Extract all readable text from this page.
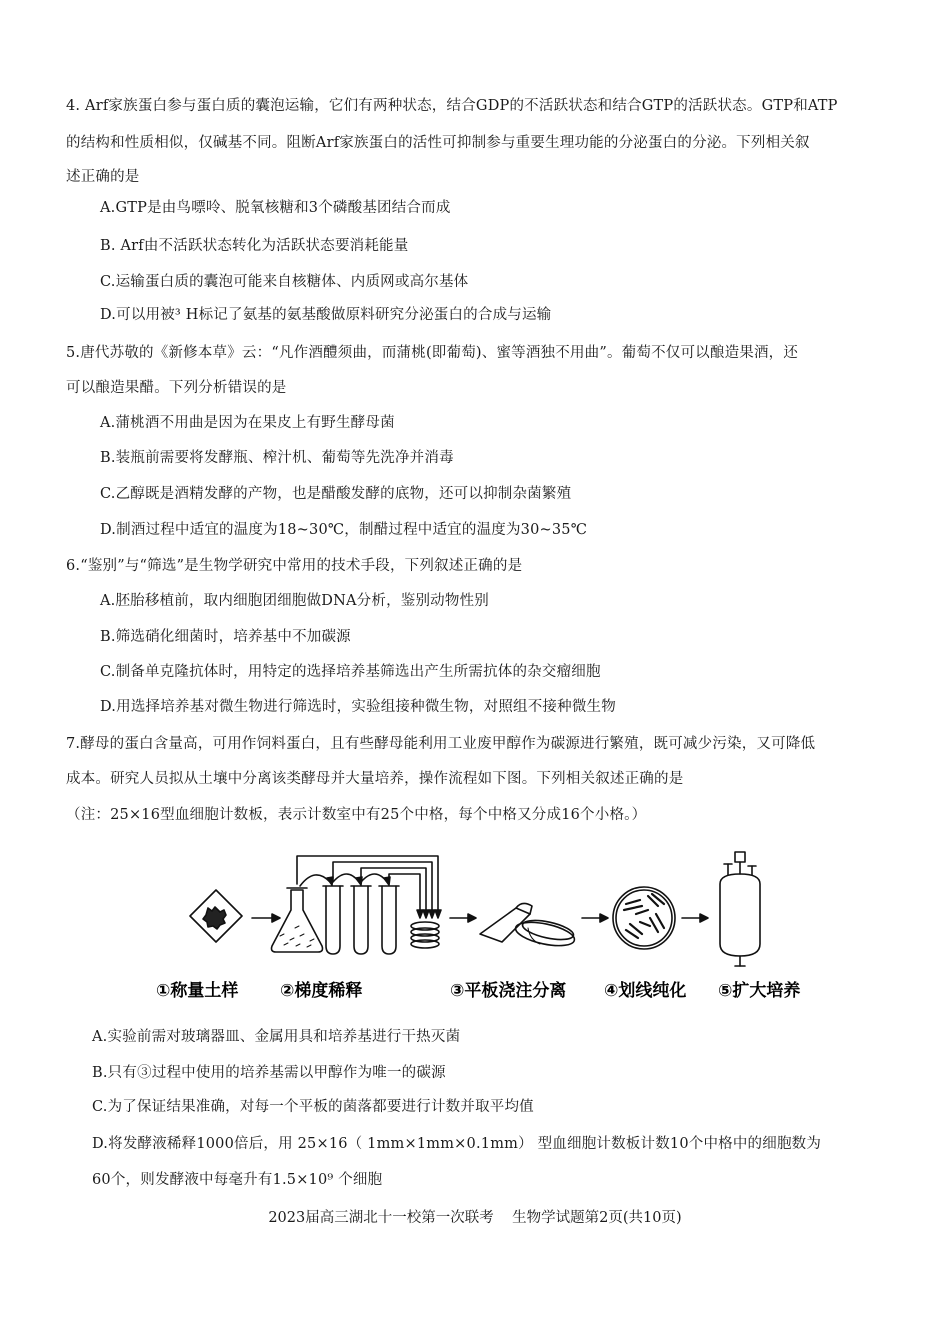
4. Arf家族蛋白参与蛋白质的囊泡运输，它们有两种状态，结合GDP的不活跃状态和结合GTP的活跃状态。GTP和ATP
的结构和性质相似，仅碱基不同。阻断Arf家族蛋白的活性可抑制参与重要生理功能的分泌蛋白的分泌。下列相关叙
述正确的是
A.GTP是由鸟嘌呤、脱氧核糖和3个磷酸基团结合而成
B. Arf由不活跃状态转化为活跃状态要消耗能量
C.运输蛋白质的囊泡可能来自核糖体、内质网或高尔基体
D.可以用被³ H标记了氨基的氨基酸做原料研究分泌蛋白的合成与运输
5.唐代苏敬的《新修本草》云：“凡作酒醴须曲，而蒲桃(即葡萄)、蜜等酒独不用曲”。葡萄不仅可以酿造果酒，还
可以酿造果醋。下列分析错误的是
A.蒲桃酒不用曲是因为在果皮上有野生酵母菌
B.装瓶前需要将发酵瓶、榨汁机、葡萄等先洗净并消毒
C.乙醇既是酒精发酵的产物，也是醋酸发酵的底物，还可以抑制杂菌繁殖
D.制酒过程中适宜的温度为18~30℃，制醋过程中适宜的温度为30~35℃
6.“鉴别”与“筛选”是生物学研究中常用的技术手段，下列叙述正确的是
A.胚胎移植前，取内细胞团细胞做DNA分析，鉴别动物性别
B.筛选硝化细菌时，培养基中不加碳源
C.制备单克隆抗体时，用特定的选择培养基筛选出产生所需抗体的杂交瘤细胞
D.用选择培养基对微生物进行筛选时，实验组接种微生物，对照组不接种微生物
7.酵母的蛋白含量高，可用作饲料蛋白，且有些酵母能利用工业废甲醇作为碳源进行繁殖，既可减少污染，又可降低
成本。研究人员拟从土壤中分离该类酵母并大量培养，操作流程如下图。下列相关叙述正确的是
（注：25×16型血细胞计数板，表示计数室中有25个中格，每个中格又分成16个小格。）
①称量土样 ②梯度稀释	③平板浇注分离 ④划线纯化 ⑤扩大培养
A.实验前需对玻璃器皿、金属用具和培养基进行干热灭菌
B.只有③过程中使用的培养基需以甲醇作为唯一的碳源
C.为了保证结果准确，对每一个平板的菌落都要进行计数并取平均值
D.将发酵液稀释1000倍后，用 25×16（ 1mm×1mm×0.1mm） 型血细胞计数板计数10个中格中的细胞数为
60个，则发酵液中每毫升有1.5×10⁹ 个细胞
2023届高三湖北十一校第一次联考    生物学试题第2页(共10页)
